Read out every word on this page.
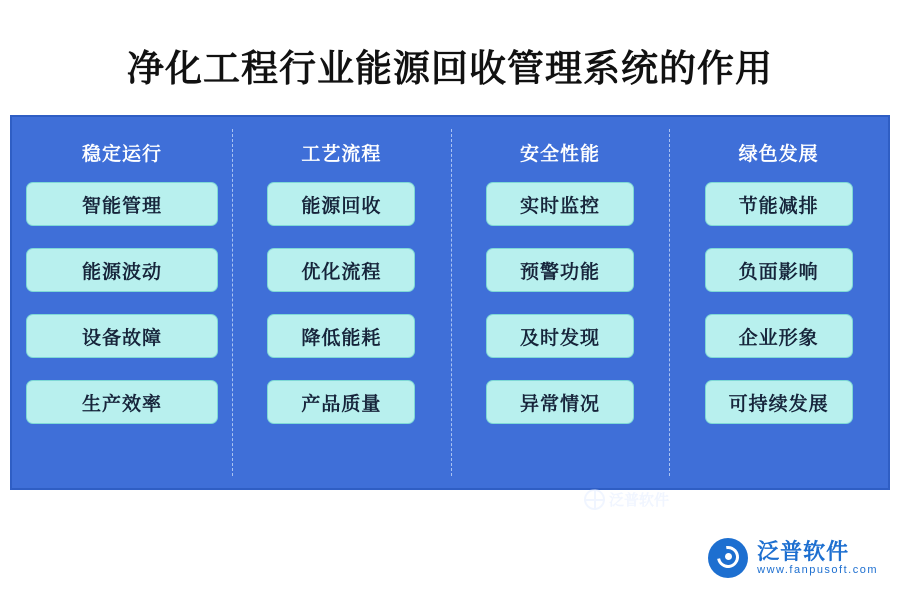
净化工程行业能源回收管理系统的作用
稳定运行
智能管理
能源波动
设备故障
生产效率
工艺流程
能源回收
优化流程
降低能耗
产品质量
安全性能
实时监控
预警功能
及时发现
异常情况
绿色发展
节能减排
负面影响
企业形象
可持续发展
泛普软件
泛普软件
www.fanpusoft.com
